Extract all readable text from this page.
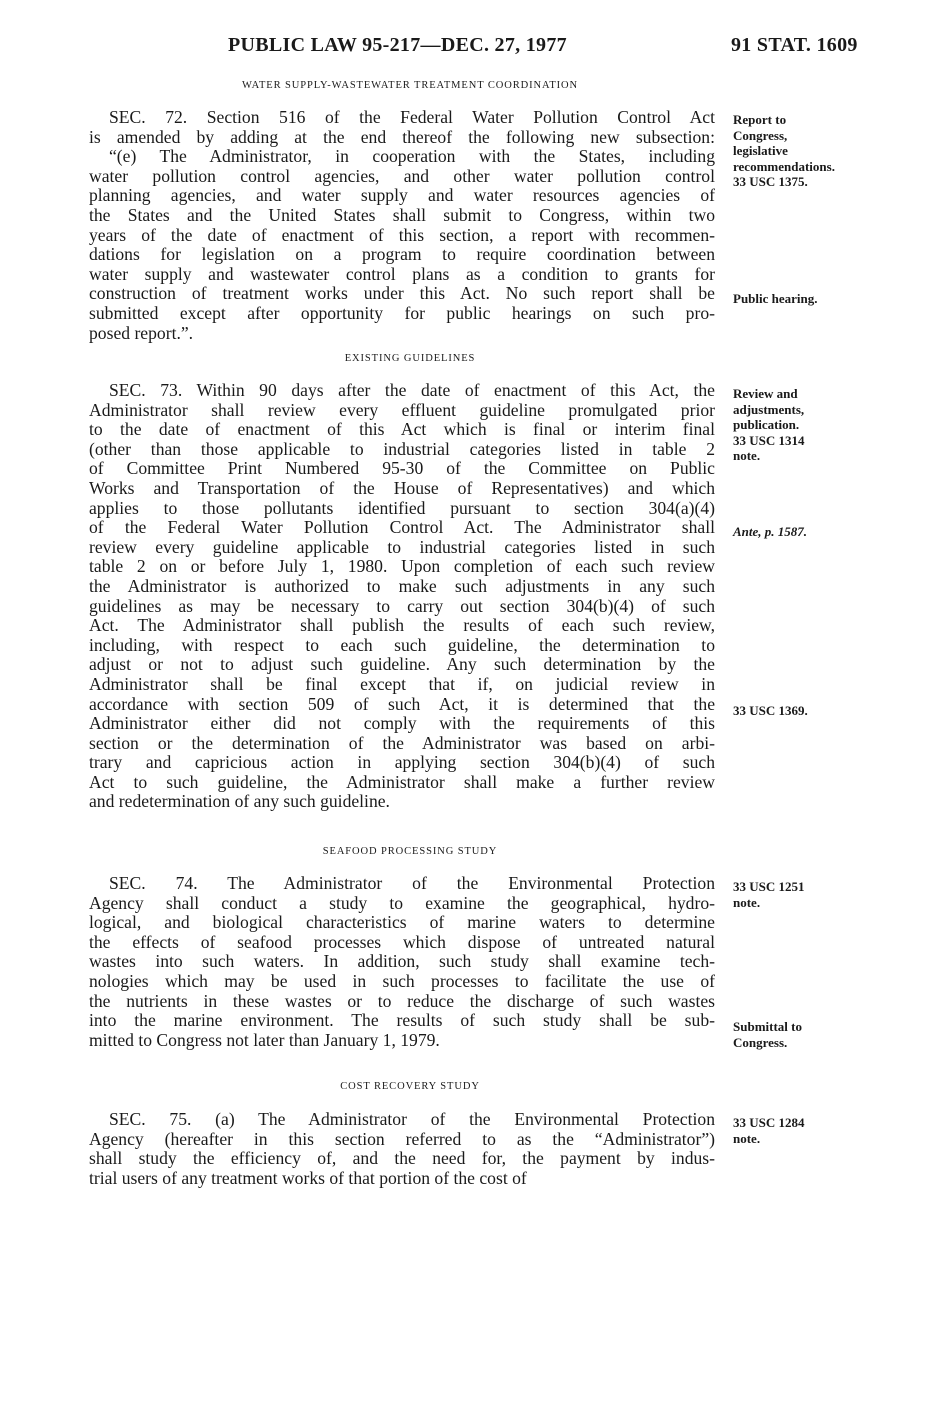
PUBLIC LAW 95-217—DEC. 27, 1977	91 STAT. 1609
WATER SUPPLY-WASTEWATER TREATMENT COORDINATION
SEC. 72. Section 516 of the Federal Water Pollution Control Act
is amended by adding at the end thereof the following new subsection:
“(e) The Administrator, in cooperation with the States, including
water pollution control agencies, and other water pollution control
planning agencies, and water supply and water resources agencies of
the States and the United States shall submit to Congress, within two
years of the date of enactment of this section, a report with recommen-
dations for legislation on a program to require coordination between
water supply and wastewater control plans as a condition to grants for
construction of treatment works under this Act. No such report shall be
submitted except after opportunity for public hearings on such pro-
posed report.”.
Report to
Congress,
legislative
recommendations.
33 USC 1375.
Public hearing.
EXISTING GUIDELINES
SEC. 73. Within 90 days after the date of enactment of this Act, the
Administrator shall review every effluent guideline promulgated prior
to the date of enactment of this Act which is final or interim final
(other than those applicable to industrial categories listed in table 2
of Committee Print Numbered 95-30 of the Committee on Public
Works and Transportation of the House of Representatives) and which
applies to those pollutants identified pursuant to section 304(a)(4)
of the Federal Water Pollution Control Act. The Administrator shall
review every guideline applicable to industrial categories listed in such
table 2 on or before July 1, 1980. Upon completion of each such review
the Administrator is authorized to make such adjustments in any such
guidelines as may be necessary to carry out section 304(b)(4) of such
Act. The Administrator shall publish the results of each such review,
including, with respect to each such guideline, the determination to
adjust or not to adjust such guideline. Any such determination by the
Administrator shall be final except that if, on judicial review in
accordance with section 509 of such Act, it is determined that the
Administrator either did not comply with the requirements of this
section or the determination of the Administrator was based on arbi-
trary and capricious action in applying section 304(b)(4) of such
Act to such guideline, the Administrator shall make a further review
and redetermination of any such guideline.
Review and
adjustments,
publication.
33 USC 1314
note.
Ante, p. 1587.
33 USC 1369.
SEAFOOD PROCESSING STUDY
SEC. 74. The Administrator of the Environmental Protection
Agency shall conduct a study to examine the geographical, hydro-
logical, and biological characteristics of marine waters to determine
the effects of seafood processes which dispose of untreated natural
wastes into such waters. In addition, such study shall examine tech-
nologies which may be used in such processes to facilitate the use of
the nutrients in these wastes or to reduce the discharge of such wastes
into the marine environment. The results of such study shall be sub-
mitted to Congress not later than January 1, 1979.
33 USC 1251
note.
Submittal to
Congress.
COST RECOVERY STUDY
SEC. 75. (a) The Administrator of the Environmental Protection
Agency (hereafter in this section referred to as the “Administrator”)
shall study the efficiency of, and the need for, the payment by indus-
trial users of any treatment works of that portion of the cost of
33 USC 1284
note.
